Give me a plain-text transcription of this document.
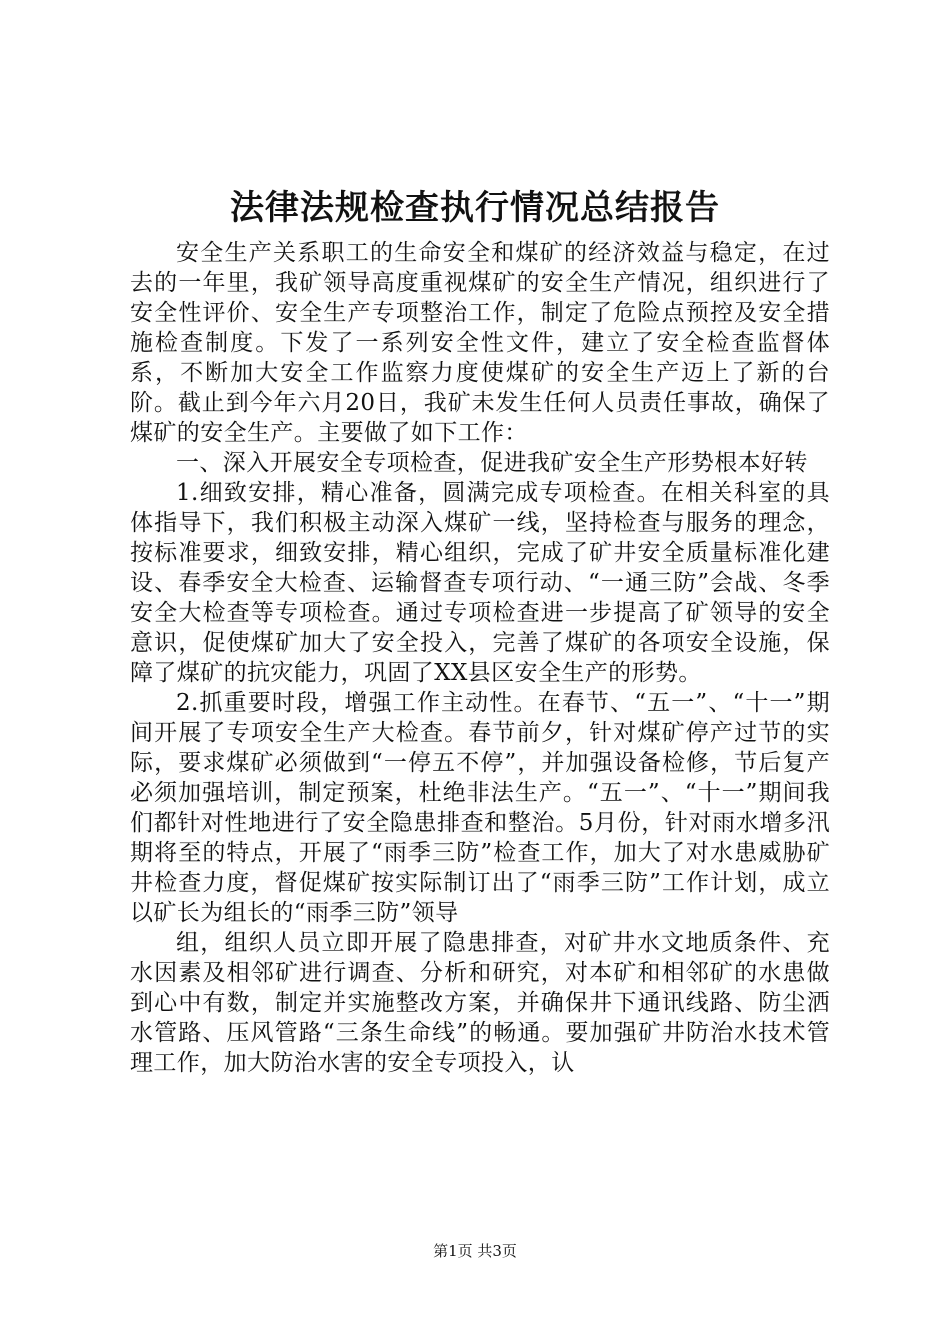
法律法规检查执行情况总结报告

安全生产关系职工的生命安全和煤矿的经济效益与稳定，在过去的一年里，我矿领导高度重视煤矿的安全生产情况，组织进行了安全性评价、安全生产专项整治工作，制定了危险点预控及安全措施检查制度。下发了一系列安全性文件，建立了安全检查监督体系，不断加大安全工作监察力度使煤矿的安全生产迈上了新的台阶。截止到今年六月20日，我矿未发生任何人员责任事故，确保了煤矿的安全生产。主要做了如下工作：

一、深入开展安全专项检查，促进我矿安全生产形势根本好转

1.细致安排，精心准备，圆满完成专项检查。在相关科室的具体指导下，我们积极主动深入煤矿一线，坚持检查与服务的理念，按标准要求，细致安排，精心组织，完成了矿井安全质量标准化建设、春季安全大检查、运输督查专项行动、“一通三防”会战、冬季安全大检查等专项检查。通过专项检查进一步提高了矿领导的安全意识，促使煤矿加大了安全投入，完善了煤矿的各项安全设施，保障了煤矿的抗灾能力，巩固了XX县区安全生产的形势。

2.抓重要时段，增强工作主动性。在春节、“五一”、“十一”期间开展了专项安全生产大检查。春节前夕，针对煤矿停产过节的实际，要求煤矿必须做到“一停五不停”，并加强设备检修，节后复产必须加强培训，制定预案，杜绝非法生产。“五一”、“十一”期间我们都针对性地进行了安全隐患排查和整治。5月份，针对雨水增多汛期将至的特点，开展了“雨季三防”检查工作，加大了对水患威胁矿井检查力度，督促煤矿按实际制订出了“雨季三防”工作计划，成立以矿长为组长的“雨季三防”领导

组，组织人员立即开展了隐患排查，对矿井水文地质条件、充水因素及相邻矿进行调查、分析和研究，对本矿和相邻矿的水患做到心中有数，制定并实施整改方案，并确保井下通讯线路、防尘洒水管路、压风管路“三条生命线”的畅通。要加强矿井防治水技术管理工作，加大防治水害的安全专项投入，认

第1页 共3页
